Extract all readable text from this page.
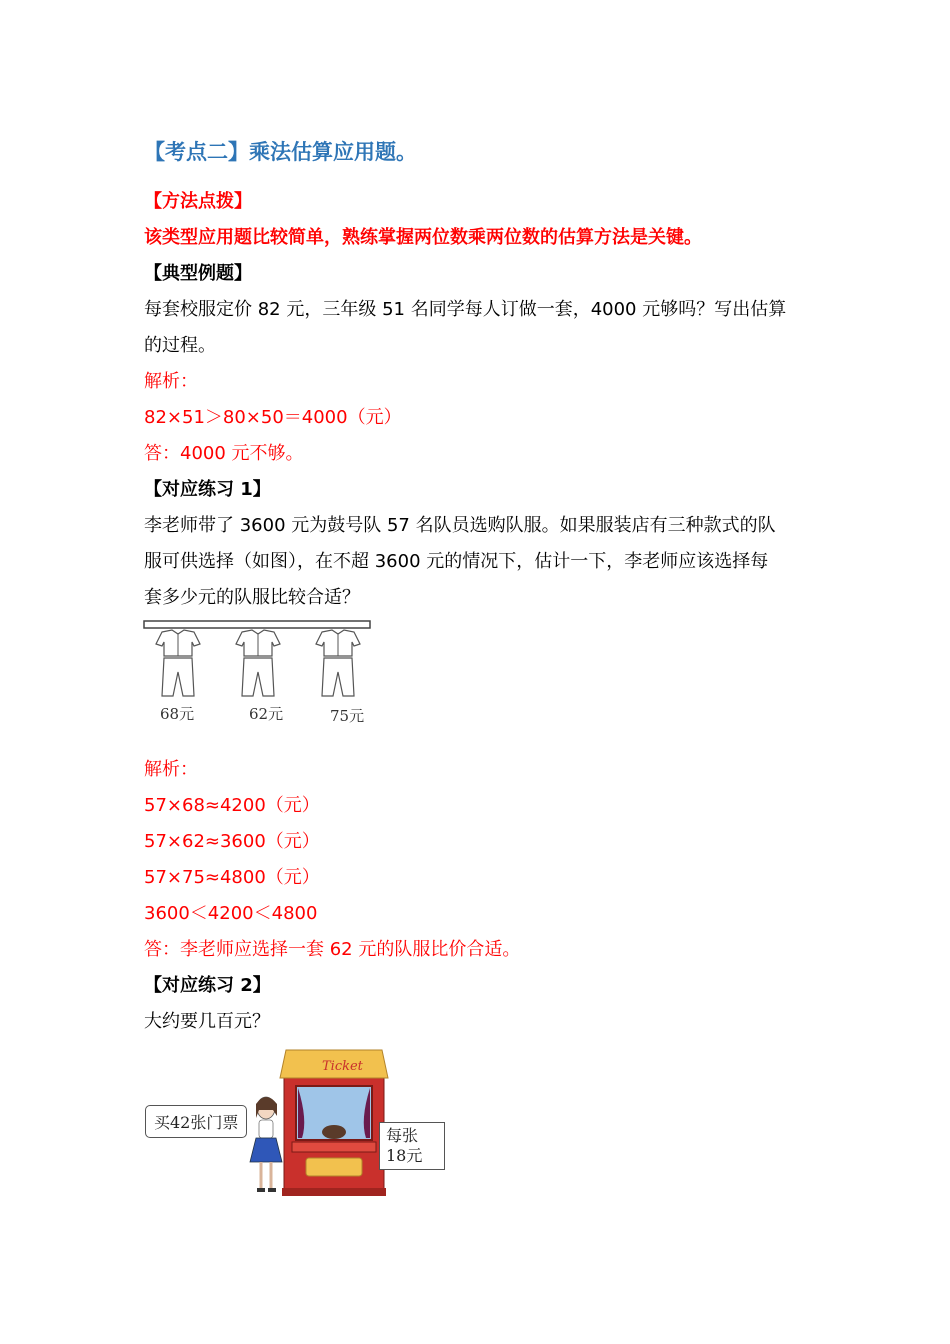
【考点二】乘法估算应用题。
【方法点拨】
该类型应用题比较简单，熟练掌握两位数乘两位数的估算方法是关键。
【典型例题】
每套校服定价 82 元，三年级 51 名同学每人订做一套，4000 元够吗？写出估算
的过程。
解析：
82×51＞80×50＝4000（元）
答：4000 元不够。
【对应练习 1】
李老师带了 3600 元为鼓号队 57 名队员选购队服。如果服装店有三种款式的队
服可供选择（如图），在不超 3600 元的情况下，估计一下，李老师应该选择每
套多少元的队服比较合适？
68元	62元	75元
解析：
57×68≈4200（元）
57×62≈3600（元）
57×75≈4800（元）
3600＜4200＜4800
答：李老师应选择一套 62 元的队服比价合适。
【对应练习 2】
大约要几百元？
Ticket
买42张门票
每张
18元
